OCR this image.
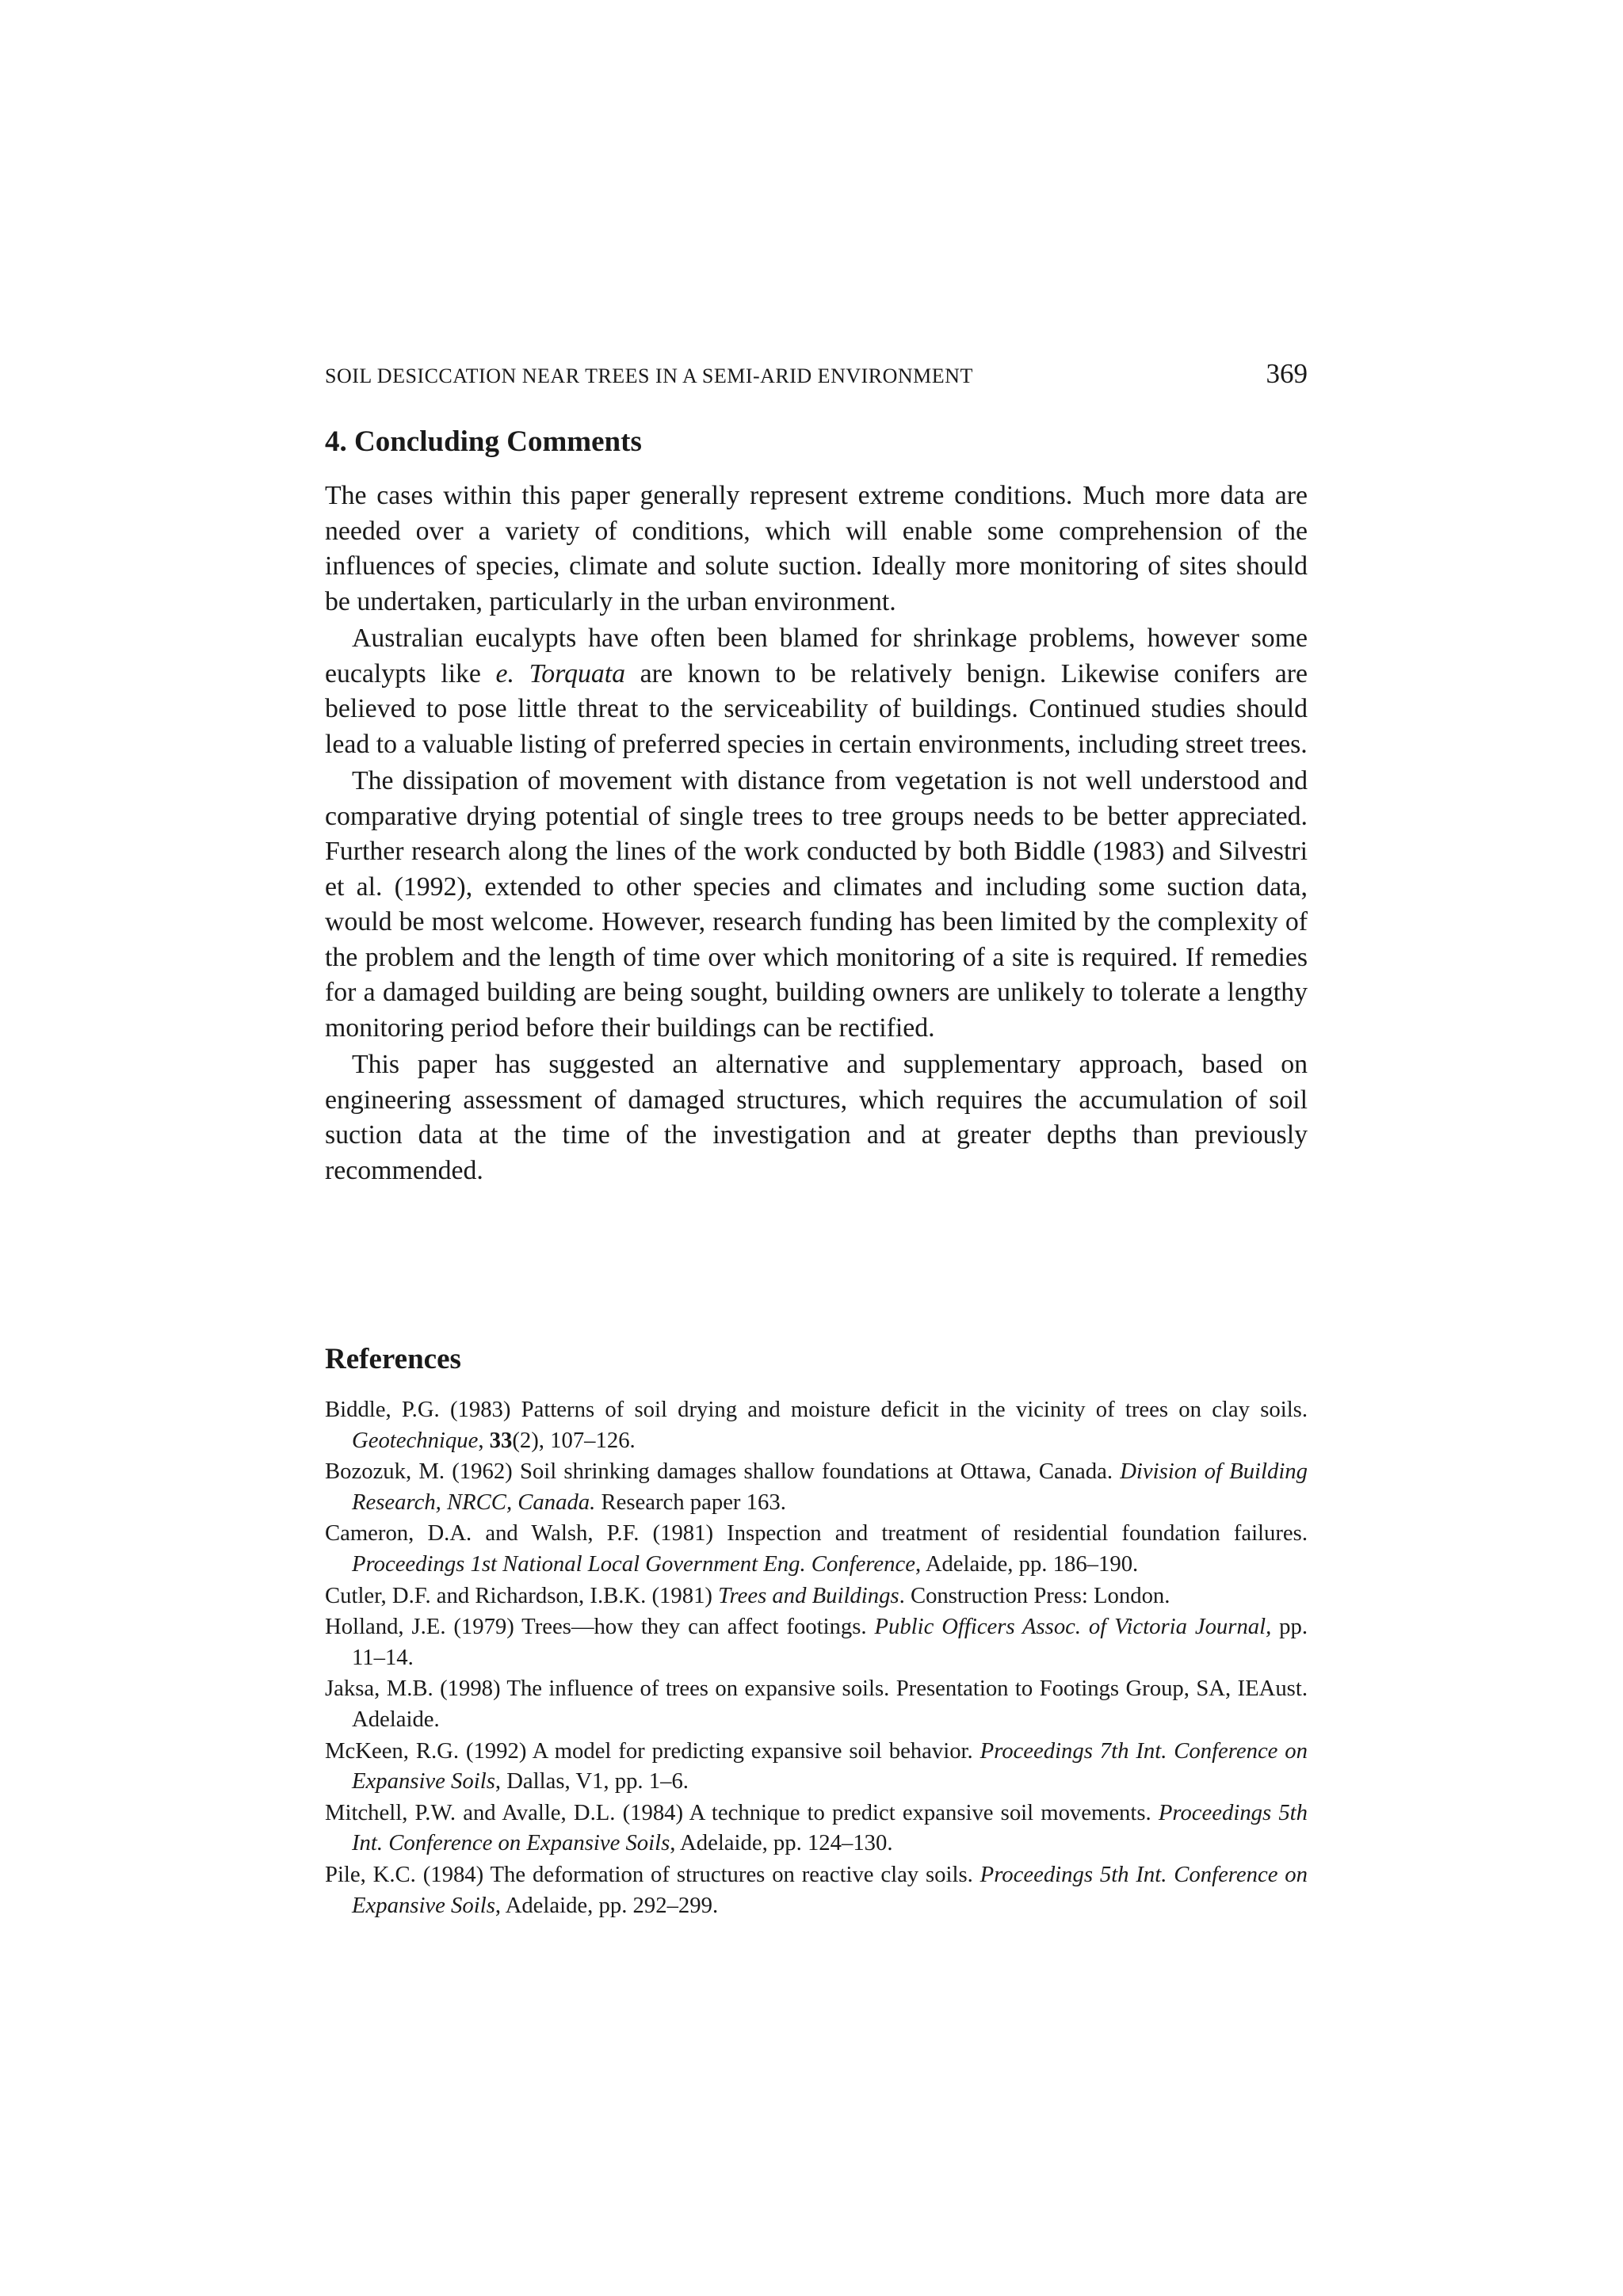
SOIL DESICCATION NEAR TREES IN A SEMI-ARID ENVIRONMENT	369
4. Concluding Comments

The cases within this paper generally represent extreme conditions. Much more data are needed over a variety of conditions, which will enable some comprehension of the influences of species, climate and solute suction. Ideally more monitoring of sites should be undertaken, particularly in the urban environment.

Australian eucalypts have often been blamed for shrinkage problems, however some eucalypts like e. Torquata are known to be relatively benign. Likewise conifers are believed to pose little threat to the serviceability of buildings. Continued studies should lead to a valuable listing of preferred species in certain environments, including street trees.

The dissipation of movement with distance from vegetation is not well understood and comparative drying potential of single trees to tree groups needs to be better appreciated. Further research along the lines of the work conducted by both Biddle (1983) and Silvestri et al. (1992), extended to other species and climates and including some suction data, would be most welcome. However, research funding has been limited by the complexity of the problem and the length of time over which monitoring of a site is required. If remedies for a damaged building are being sought, building owners are unlikely to tolerate a lengthy monitoring period before their buildings can be rectified.

This paper has suggested an alternative and supplementary approach, based on engineering assessment of damaged structures, which requires the accumulation of soil suction data at the time of the investigation and at greater depths than previously recommended.

References
Biddle, P.G. (1983) Patterns of soil drying and moisture deficit in the vicinity of trees on clay soils. Geotechnique, 33(2), 107–126.
Bozozuk, M. (1962) Soil shrinking damages shallow foundations at Ottawa, Canada. Division of Building Research, NRCC, Canada. Research paper 163.
Cameron, D.A. and Walsh, P.F. (1981) Inspection and treatment of residential foundation failures. Proceedings 1st National Local Government Eng. Conference, Adelaide, pp. 186–190.
Cutler, D.F. and Richardson, I.B.K. (1981) Trees and Buildings. Construction Press: London.
Holland, J.E. (1979) Trees—how they can affect footings. Public Officers Assoc. of Victoria Journal, pp. 11–14.
Jaksa, M.B. (1998) The influence of trees on expansive soils. Presentation to Footings Group, SA, IEAust. Adelaide.
McKeen, R.G. (1992) A model for predicting expansive soil behavior. Proceedings 7th Int. Conference on Expansive Soils, Dallas, V1, pp. 1–6.
Mitchell, P.W. and Avalle, D.L. (1984) A technique to predict expansive soil movements. Proceedings 5th Int. Conference on Expansive Soils, Adelaide, pp. 124–130.
Pile, K.C. (1984) The deformation of structures on reactive clay soils. Proceedings 5th Int. Conference on Expansive Soils, Adelaide, pp. 292–299.
